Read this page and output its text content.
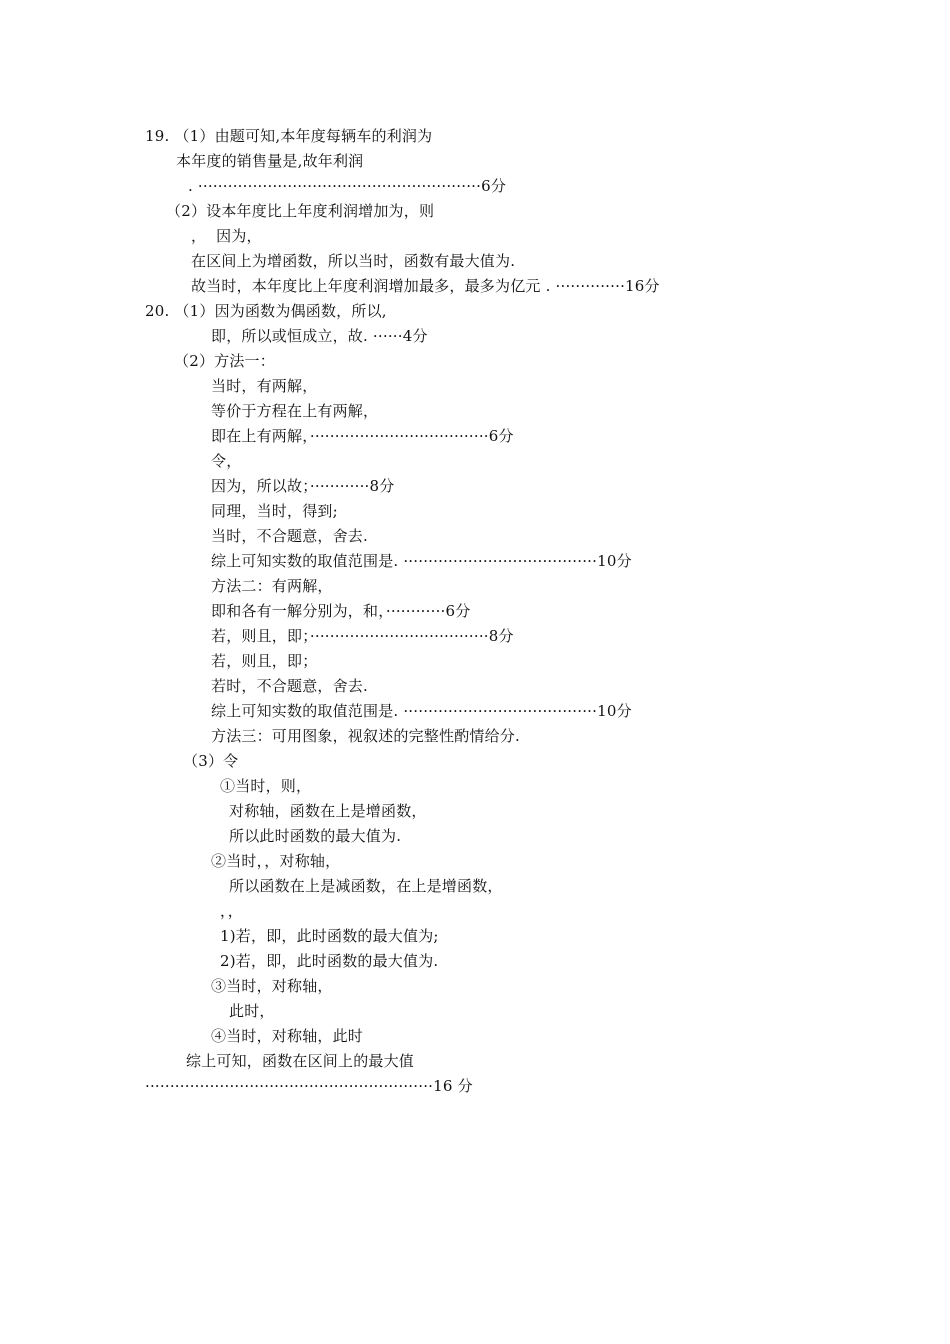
19. （1）由题可知,本年度每辆车的利润为
本年度的销售量是,故年利润
. ·························································6分
（2）设本年度比上年度利润增加为，则
，  因为，
在区间上为增函数，所以当时，函数有最大值为.
故当时，本年度比上年度利润增加最多，最多为亿元 . ··············16分
20. （1）因为函数为偶函数，所以,
即，所以或恒成立，故. ······4分
（2）方法一：
当时，有两解，
等价于方程在上有两解，
即在上有两解，····································6分
令，
因为，所以故；············8分
同理，当时，得到;
当时，不合题意，舍去.
综上可知实数的取值范围是. ·······································10分
方法二：有两解，
即和各有一解分别为，和，············6分
若，则且，即；····································8分
若，则且，即；
若时，不合题意，舍去.
综上可知实数的取值范围是. ·······································10分
方法三：可用图象，视叙述的完整性酌情给分.
（3）令
①当时，则，
对称轴，函数在上是增函数，
所以此时函数的最大值为.
②当时，，对称轴，
所以函数在上是减函数，在上是增函数，
，，
1)若，即，此时函数的最大值为;
2)若，即，此时函数的最大值为.
③当时，对称轴，
此时，
④当时，对称轴，此时
综上可知，函数在区间上的最大值
··························································16 分
